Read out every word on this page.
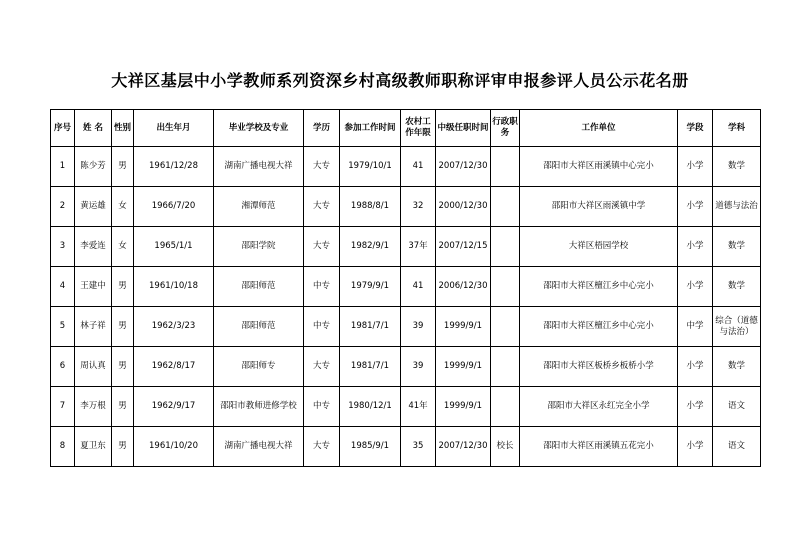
大祥区基层中小学教师系列资深乡村高级教师职称评审申报参评人员公示花名册
序号	姓 名	性别	出生年月	毕业学校及专业	学历	参加工作时间	农村工作年限	中级任职时间	行政职务	工作单位	学段	学科
1	陈少芳	男	1961/12/28	湖南广播电视大祥	大专	1979/10/1	41	2007/12/30		邵阳市大祥区雨溪镇中心完小	小学	数学
2	黄运雄	女	1966/7/20	湘潭师范	大专	1988/8/1	32	2000/12/30		邵阳市大祥区雨溪镇中学	小学	道德与法治
3	李爱连	女	1965/1/1	邵阳学院	大专	1982/9/1	37年	2007/12/15		大祥区梧园学校	小学	数学
4	王建中	男	1961/10/18	邵阳师范	中专	1979/9/1	41	2006/12/30		邵阳市大祥区檀江乡中心完小	小学	数学
5	林子祥	男	1962/3/23	邵阳师范	中专	1981/7/1	39	1999/9/1		邵阳市大祥区檀江乡中心完小	中学	综合（道德与法治）
6	周认真	男	1962/8/17	邵阳师专	大专	1981/7/1	39	1999/9/1		邵阳市大祥区板桥乡板桥小学	小学	数学
7	李万根	男	1962/9/17	邵阳市教师进修学校	中专	1980/12/1	41年	1999/9/1		邵阳市大祥区永红完全小学	小学	语文
8	夏卫东	男	1961/10/20	湖南广播电视大祥	大专	1985/9/1	35	2007/12/30	校长	邵阳市大祥区雨溪镇五花完小	小学	语文
